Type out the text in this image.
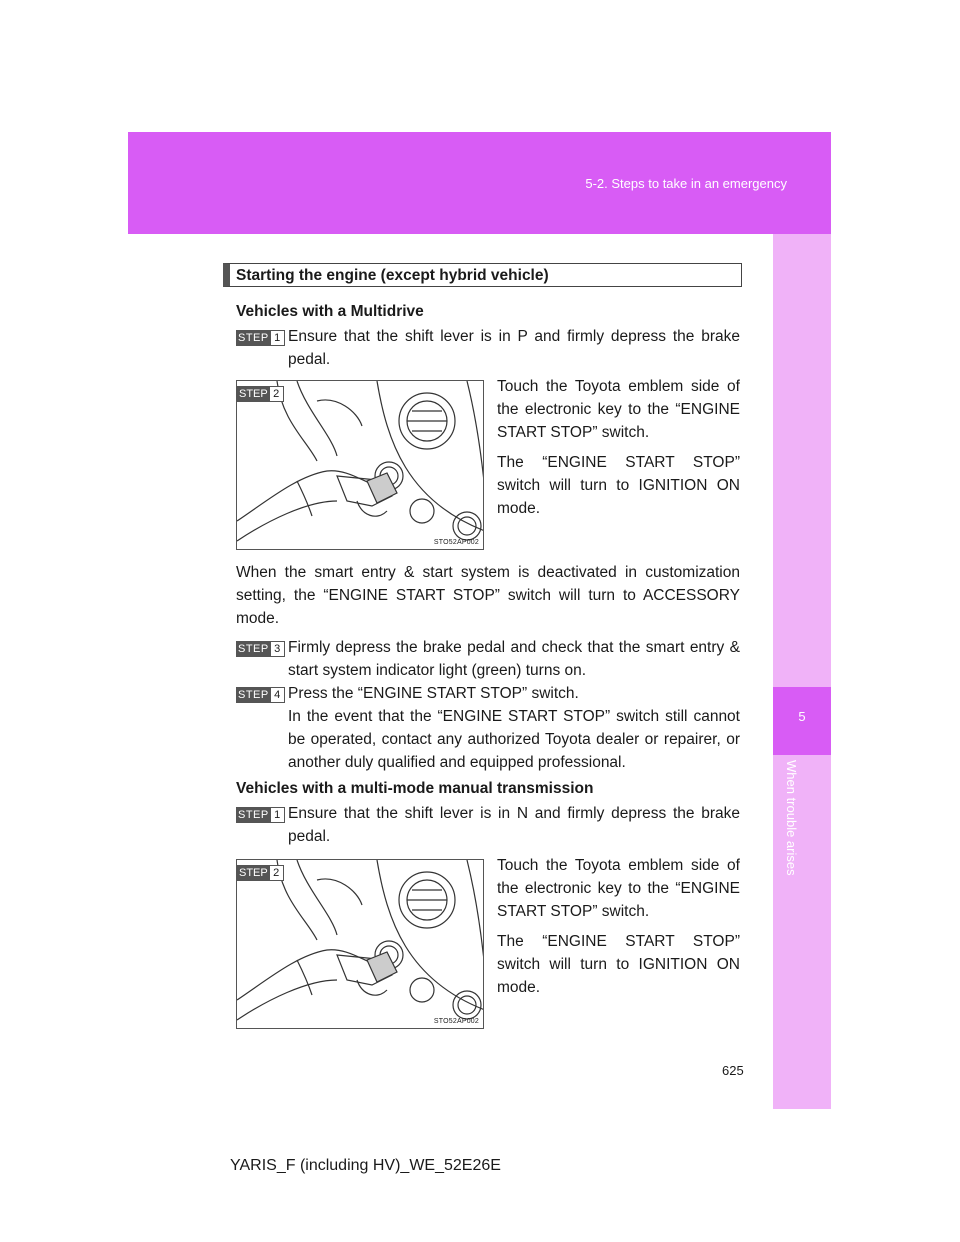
5-2. Steps to take in an emergency
5
When trouble arises
Starting the engine (except hybrid vehicle)
Vehicles with a Multidrive
STEP 1 Ensure that the shift lever is in P and firmly depress the brake pedal.
STEP 2
STO52AP002
Touch the Toyota emblem side of the electronic key to the “ENGINE START STOP” switch.
The “ENGINE START STOP” switch will turn to IGNITION ON mode.
When the smart entry & start system is deactivated in customization setting, the “ENGINE START STOP” switch will turn to ACCESSORY mode.
STEP 3 Firmly depress the brake pedal and check that the smart entry & start system indicator light (green) turns on.
STEP 4 Press the “ENGINE START STOP” switch.
In the event that the “ENGINE START STOP” switch still cannot be operated, contact any authorized Toyota dealer or repairer, or another duly qualified and equipped professional.
Vehicles with a multi-mode manual transmission
STEP 1 Ensure that the shift lever is in N and firmly depress the brake pedal.
STEP 2
STO52AP002
Touch the Toyota emblem side of the electronic key to the “ENGINE START STOP” switch.
The “ENGINE START STOP” switch will turn to IGNITION ON mode.
625
YARIS_F (including HV)_WE_52E26E
